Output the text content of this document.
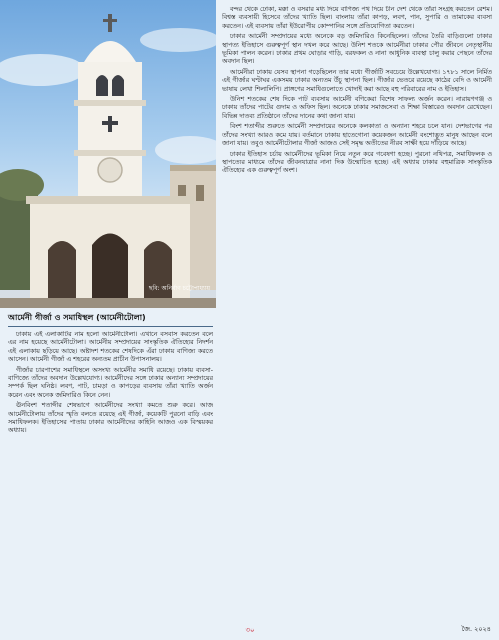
ছবি: অনির্বাণ চট্টোপাধ্যায়
আর্মেনী গীর্জা ও সমাধিস্থল (আর্মেনীটোলা)

ঢাকায় এই এলাকাটির নাম হলো আর্মেনীটোলা। এখানে বসবাস করতেন বলে এর নাম হয়েছে আর্মেনীটোলা। আর্মেনীয় সম্প্রদায়ের সাংস্কৃতিক ঐতিহ্যের নিদর্শন এই এলাকায় ছড়িয়ে আছে। অষ্টাদশ শতকের শেষদিকে এঁরা ঢাকায় বাণিজ্য করতে আসেন। আর্মেনী গীর্জা এ শহরের অন্যতম প্রাচীন উপাসনালয়।

গীর্জার চারপাশের সমাধিস্থলে অসংখ্য আর্মেনীর সমাধি রয়েছে। ঢাকায় ব্যবসা-বাণিজ্যে তাঁদের অবদান উল্লেখযোগ্য। আর্মেনীদের সঙ্গে ঢাকার অন্যান্য সম্প্রদায়ের সম্পর্ক ছিল ঘনিষ্ঠ। লবণ, পাট, চামড়া ও কাপড়ের ব্যবসায় তাঁরা খ্যাতি অর্জন করেন এবং অনেক জমিদারিও কিনে নেন।

ঊনবিংশ শতাব্দীর শেষভাগে আর্মেনীদের সংখ্যা কমতে শুরু করে। আজ আর্মেনীটোলায় তাঁদের স্মৃতি বলতে রয়েছে এই গীর্জা, কয়েকটি পুরনো বাড়ি এবং সমাধিফলক। ইতিহাসের পাতায় ঢাকার আর্মেনীদের কাহিনি আজও এক বিস্ময়কর অধ্যায়।

বন্দর থেকে ঢোকা, মক্কা ও বসরার মধ্য দিয়ে বাণিজ্য পথ দিয়ে চীন দেশ থেকে তাঁরা সংগ্রহ করতেন রেশম। বিশ্বস্ত ব্যবসায়ী হিসেবে তাঁদের খ্যাতি ছিল। বাংলায় তাঁরা কাপড়, লবণ, পান, সুপারি ও তামাকের ব্যবসা করতেন। এই ব্যবসায় তাঁরা ইউরোপীয় কোম্পানির সঙ্গে প্রতিযোগিতা করতেন।

ঢাকার আর্মেনী সম্প্রদায়ের মধ্যে অনেকে বড় জমিদারিও কিনেছিলেন। তাঁদের তৈরি বাড়িগুলো ঢাকার স্থাপত্য ইতিহাসে গুরুত্বপূর্ণ স্থান দখল করে আছে। উনিশ শতকে আর্মেনীরা ঢাকার পৌর জীবনে নেতৃস্থানীয় ভূমিকা পালন করেন। ঢাকার প্রথম ঘোড়ার গাড়ি, বরফকল ও নানা আধুনিক ব্যবস্থা চালু করার পেছনে তাঁদের অবদান ছিল।

আর্মেনীরা ঢাকায় যেসব স্থাপনা গড়েছিলেন তার মধ্যে গীর্জাটি সবচেয়ে উল্লেখযোগ্য। ১৭৮১ সালে নির্মিত এই গীর্জার ঘণ্টাঘর একসময় ঢাকার অন্যতম উঁচু স্থাপনা ছিল। গীর্জার ভেতরে রয়েছে কাঠের বেদি ও আর্মেনী ভাষায় লেখা শিলালিপি। প্রাঙ্গণের সমাধিগুলোতে খোদাই করা আছে বহু পরিবারের নাম ও ইতিহাস।

উনিশ শতকের শেষ দিকে পাট ব্যবসায় আর্মেনী বণিকেরা বিশেষ সাফল্য অর্জন করেন। নারায়ণগঞ্জ ও ঢাকায় তাঁদের পাটের গুদাম ও অফিস ছিল। অনেকে ঢাকার সমাজসেবা ও শিক্ষা বিস্তারেও অবদান রেখেছেন। বিভিন্ন দাতব্য প্রতিষ্ঠানে তাঁদের দানের কথা জানা যায়।

বিংশ শতাব্দীর শুরুতে আর্মেনী সম্প্রদায়ের অনেকে কলকাতা ও অন্যান্য শহরে চলে যান। দেশভাগের পর তাঁদের সংখ্যা আরও কমে যায়। বর্তমানে ঢাকায় হাতেগোনা কয়েকজন আর্মেনী বংশোদ্ভূত মানুষ আছেন বলে জানা যায়। তবুও আর্মেনীটোলার গীর্জা আজও সেই সমৃদ্ধ অতীতের নীরব সাক্ষী হয়ে দাঁড়িয়ে আছে।

ঢাকার ইতিহাস চর্চায় আর্মেনীদের ভূমিকা নিয়ে নতুন করে গবেষণা হচ্ছে। পুরনো নথিপত্র, সমাধিফলক ও স্থাপত্যের মাধ্যমে তাঁদের জীবনযাত্রার নানা দিক উন্মোচিত হচ্ছে। এই অধ্যায় ঢাকার বহুমাত্রিক সাংস্কৃতিক ঐতিহ্যের এক গুরুত্বপূর্ণ অংশ।

৩০	জৈ. ২০২৪
